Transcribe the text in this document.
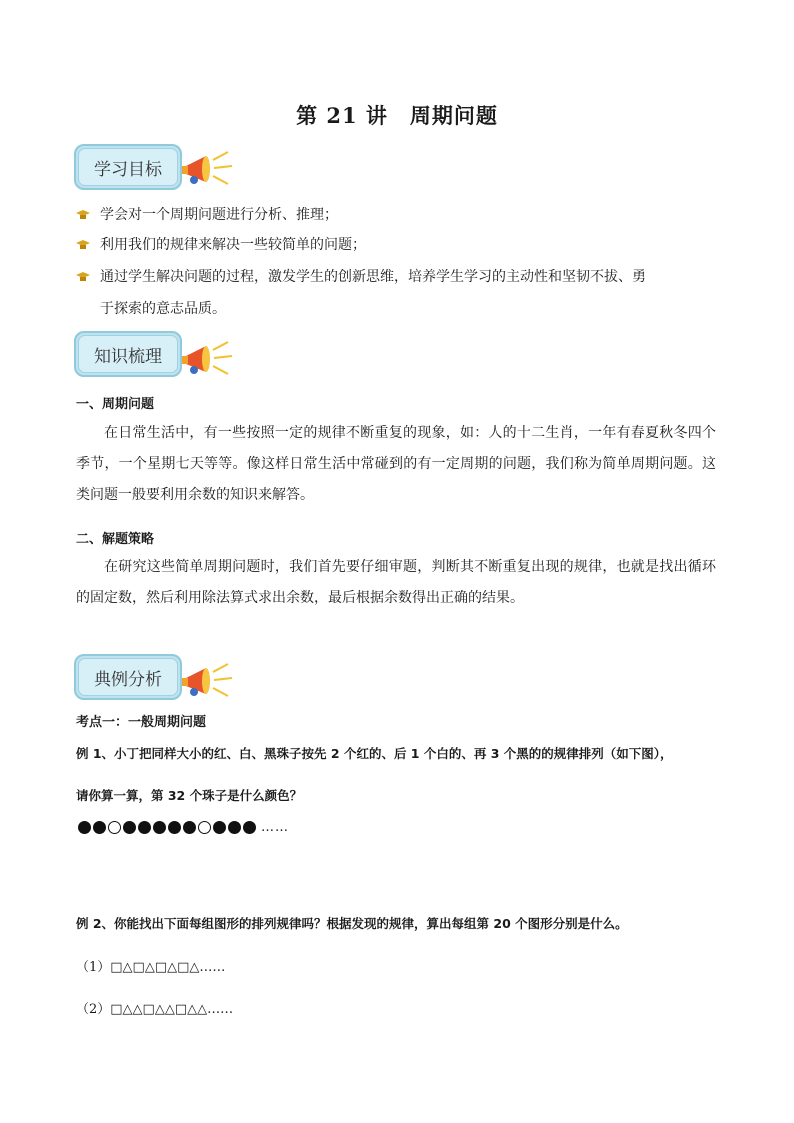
第 21 讲　周期问题
学习目标
学会对一个周期问题进行分析、推理；
利用我们的规律来解决一些较简单的问题；
通过学生解决问题的过程，激发学生的创新思维，培养学生学习的主动性和坚韧不拔、勇
于探索的意志品质。
知识梳理
一、周期问题
在日常生活中，有一些按照一定的规律不断重复的现象，如：人的十二生肖，一年有春夏秋冬四个季节，一个星期七天等等。像这样日常生活中常碰到的有一定周期的问题，我们称为简单周期问题。这类问题一般要利用余数的知识来解答。
二、解题策略
在研究这些简单周期问题时，我们首先要仔细审题，判断其不断重复出现的规律，也就是找出循环的固定数，然后利用除法算式求出余数，最后根据余数得出正确的结果。
典例分析
考点一：一般周期问题
例 1、小丁把同样大小的红、白、黑珠子按先 2 个红的、后 1 个白的、再 3 个黑的的规律排列（如下图），
请你算一算，第 32 个珠子是什么颜色？
……
例 2、你能找出下面每组图形的排列规律吗？根据发现的规律，算出每组第 20 个图形分别是什么。
（1）□△□△□△□△……
（2）□△△□△△□△△……
